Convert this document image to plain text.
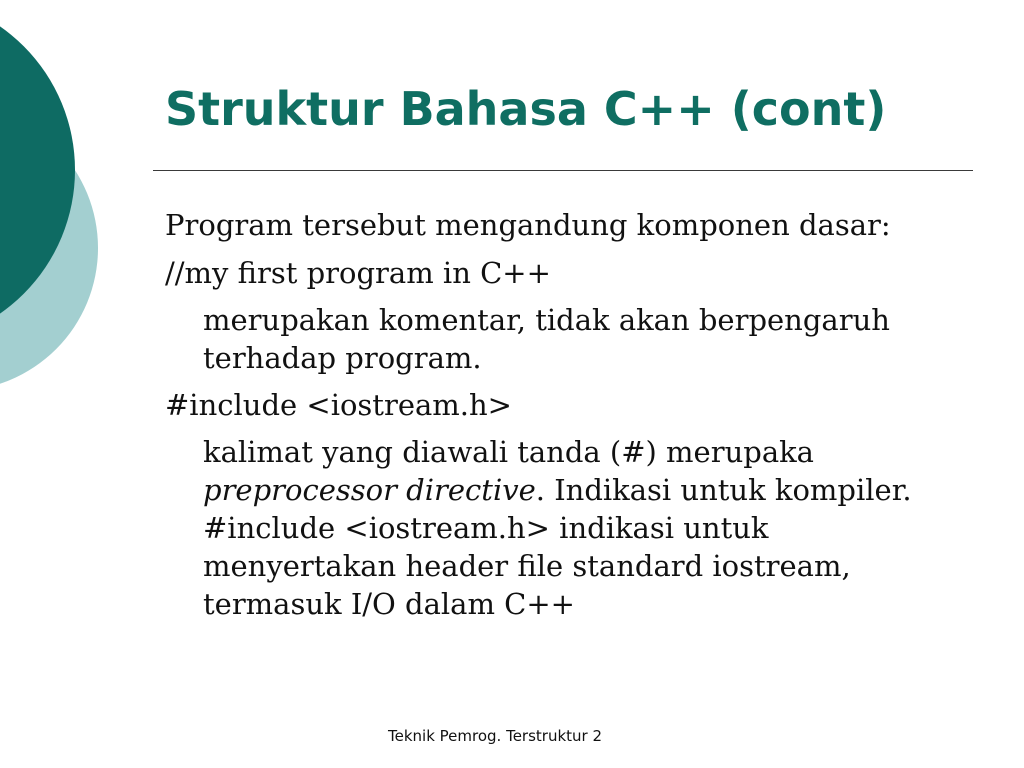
Struktur Bahasa C++ (cont)
Program tersebut mengandung komponen dasar:
//my first program in C++
merupakan komentar, tidak akan berpengaruh
terhadap program.
#include <iostream.h>
kalimat yang diawali tanda (#) merupaka
preprocessor directive. Indikasi untuk kompiler.
#include <iostream.h> indikasi untuk
menyertakan header file standard iostream,
termasuk I/O dalam C++
Teknik Pemrog. Terstruktur 2
